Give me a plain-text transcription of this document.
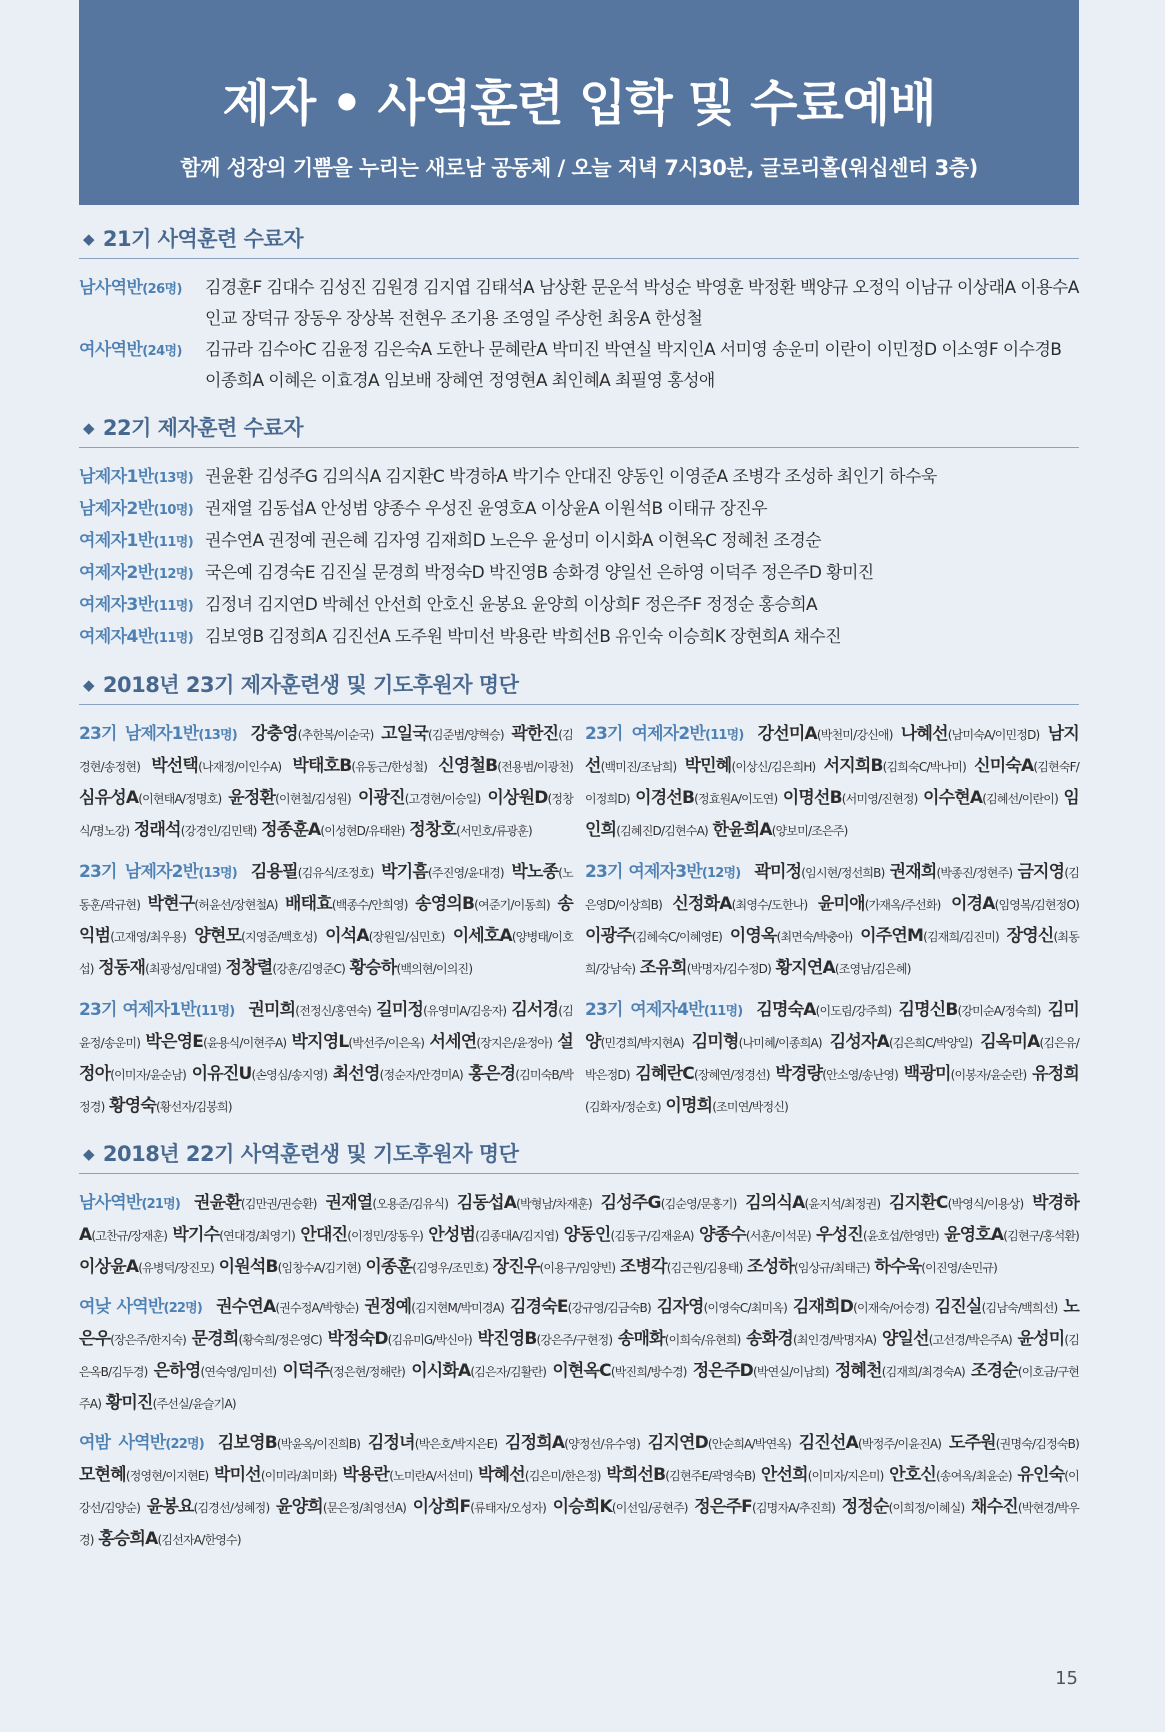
제자 • 사역훈련 입학 및 수료예배
함께 성장의 기쁨을 누리는 새로남 공동체 / 오늘 저녁 7시30분, 글로리홀(워십센터 3층)
◆ 21기 사역훈련 수료자
남사역반(26명)	김경훈F 김대수 김성진 김원경 김지엽 김태석A 남상환 문운석 박성순 박영훈 박정환 백양규 오정익 이남규 이상래A 이용수A 인교 장덕규 장동우 장상복 전현우 조기용 조영일 주상헌 최웅A 한성철
여사역반(24명)	김규라 김수아C 김윤정 김은숙A 도한나 문혜란A 박미진 박연실 박지인A 서미영 송운미 이란이 이민정D 이소영F 이수경B 이종희A 이혜은 이효경A 임보배 장혜연 정영현A 최인혜A 최필영 홍성애
◆ 22기 제자훈련 수료자
남제자1반(13명) 권윤환 김성주G 김의식A 김지환C 박경하A 박기수 안대진 양동인 이영준A 조병각 조성하 최인기 하수욱
남제자2반(10명) 권재열 김동섭A 안성범 양종수 우성진 윤영호A 이상윤A 이원석B 이태규 장진우
여제자1반(11명) 권수연A 권정예 권은혜 김자영 김재희D 노은우 윤성미 이시화A 이현옥C 정혜천 조경순
여제자2반(12명) 국은예 김경숙E 김진실 문경희 박정숙D 박진영B 송화경 양일선 은하영 이덕주 정은주D 황미진
여제자3반(11명) 김정녀 김지연D 박혜선 안선희 안호신 윤봉요 윤양희 이상희F 정은주F 정정순 홍승희A
여제자4반(11명) 김보영B 김정희A 김진선A 도주원 박미선 박용란 박희선B 유인숙 이승희K 장현희A 채수진
◆ 2018년 23기 제자훈련생 및 기도후원자 명단
23기 남제자1반(13명) 강충영(추한복/이순국) 고일국(김준범/양혁승) 곽한진(김경현/송정현) 박선택(나재정/이인수A) 박태호B(유동근/한성철) 신영철B(전용범/이광천) 심유성A(이현태A/정명호) 윤정환(이현철/김성원) 이광진(고경현/이승일) 이상원D(정창식/명노강) 정래석(강경인/김민택) 정종훈A(이성현D/유태완) 정창호(서민호/류광훈)
23기 남제자2반(13명) 김용필(김유식/조정호) 박기흠(주진영/윤대경) 박노종(노동훈/곽규현) 박현구(허윤선/장현철A) 배태효(백종수/안희영) 송영의B(여준기/이동희) 송익범(고재영/최우용) 양현모(지영준/백호성) 이석A(장원일/심민호) 이세호A(양병태/이호섭) 정동재(최광성/임대열) 정창렬(강훈/김영준C) 황승하(백의현/이의진)
23기 여제자1반(11명) 권미희(전정신/홍연숙) 길미정(유영미A/김응자) 김서경(김윤정/송운미) 박은영E(윤용식/이현주A) 박지영L(박선주/이은옥) 서세연(장지은/윤정아) 설정아(이미자/윤순남) 이유진U(손영심/송지영) 최선영(정순자/안경미A) 홍은경(김미숙B/박정경) 황영숙(황선자/김봉희)
23기 여제자2반(11명) 강선미A(박천미/강신애) 나혜선(남미숙A/이민정D) 남지선(백미진/조남희) 박민혜(이상신/김은희H) 서지희B(김희숙C/박나미) 신미숙A(김현숙F/이정희D) 이경선B(정효원A/이도연) 이명선B(서미영/진현정) 이수현A(김혜선/이란이) 임인희(김혜진D/김현수A) 한윤희A(양보미/조은주)
23기 여제자3반(12명) 곽미정(임시현/정선희B) 권재희(박종진/정현주) 금지영(김은영D/이상희B) 신정화A(최영수/도한나) 윤미애(가재옥/주선화) 이경A(임영복/김현정O) 이광주(김혜숙C/이혜영E) 이영옥(최면숙/박충아) 이주연M(김재희/김진미) 장영신(최동희/강남숙) 조유희(박명자/김수정D) 황지연A(조영남/김은혜)
23기 여제자4반(11명) 김명숙A(이도림/강주희) 김명신B(강미순A/정숙희) 김미양(민경희/박지현A) 김미형(나미혜/이종희A) 김성자A(김은희C/박양일) 김옥미A(김은유/박은정D) 김혜란C(장혜연/정경선) 박경량(안소영/송난영) 백광미(이봉자/윤순란) 유정희(김화자/정순호) 이명희(조미연/박정신)
◆ 2018년 22기 사역훈련생 및 기도후원자 명단
남사역반(21명) 권윤환(김만권/권승환) 권재열(오용준/김유식) 김동섭A(박형남/차재훈) 김성주G(김순영/문홍기) 김의식A(윤지석/최정권) 김지환C(박영식/이용상) 박경하A(고찬규/장재훈) 박기수(연대경/최영기) 안대진(이정민/장동우) 안성범(김종대A/김지엽) 양동인(김동구/김재윤A) 양종수(서훈/이석문) 우성진(윤호섭/한영만) 윤영호A(김현구/홍석환) 이상윤A(유병덕/장진모) 이원석B(임창수A/김기현) 이종훈(김영우/조민호) 장진우(이용구/임양빈) 조병각(김근원/김용태) 조성하(임상규/최태근) 하수욱(이진영/손민규)
여낮 사역반(22명) 권수연A(권수정A/박향순) 권정예(김지현M/박미경A) 김경숙E(강규영/김금숙B) 김자영(이영숙C/최미옥) 김재희D(이재숙/어승경) 김진실(김남숙/백희선) 노은우(장은주/한지숙) 문경희(황숙희/정은영C) 박정숙D(김유미G/박신아) 박진영B(강은주/구현정) 송매화(이희숙/유현희) 송화경(최인경/박명자A) 양일선(고선경/박은주A) 윤성미(김은옥B/김두경) 은하영(연숙영/임미선) 이덕주(정은현/정해란) 이시화A(김은자/김활란) 이현옥C(박진희/방수경) 정은주D(박연실/이남희) 정혜천(김재희/최경숙A) 조경순(이호금/구현주A) 황미진(주선실/윤슬기A)
여밤 사역반(22명) 김보영B(박윤옥/이진희B) 김정녀(박은호/박지은E) 김정희A(양정선/유수영) 김지연D(안순희A/박연옥) 김진선A(박정주/이윤진A) 도주원(권명숙/김정숙B) 모현혜(정영현/이지현E) 박미선(이미라/최미화) 박용란(노미란A/서선미) 박혜선(김은미/한은정) 박희선B(김현주E/곽영숙B) 안선희(이미자/지은미) 안호신(송여옥/최윤순) 유인숙(이강선/김양순) 윤봉요(김경선/성혜정) 윤양희(문은정/최영선A) 이상희F(류태자/오성자) 이승희K(이선임/공현주) 정은주F(김명자A/추진희) 정정순(이희정/이혜실) 채수진(박현경/박우경) 홍승희A(김선자A/한영수)
15
